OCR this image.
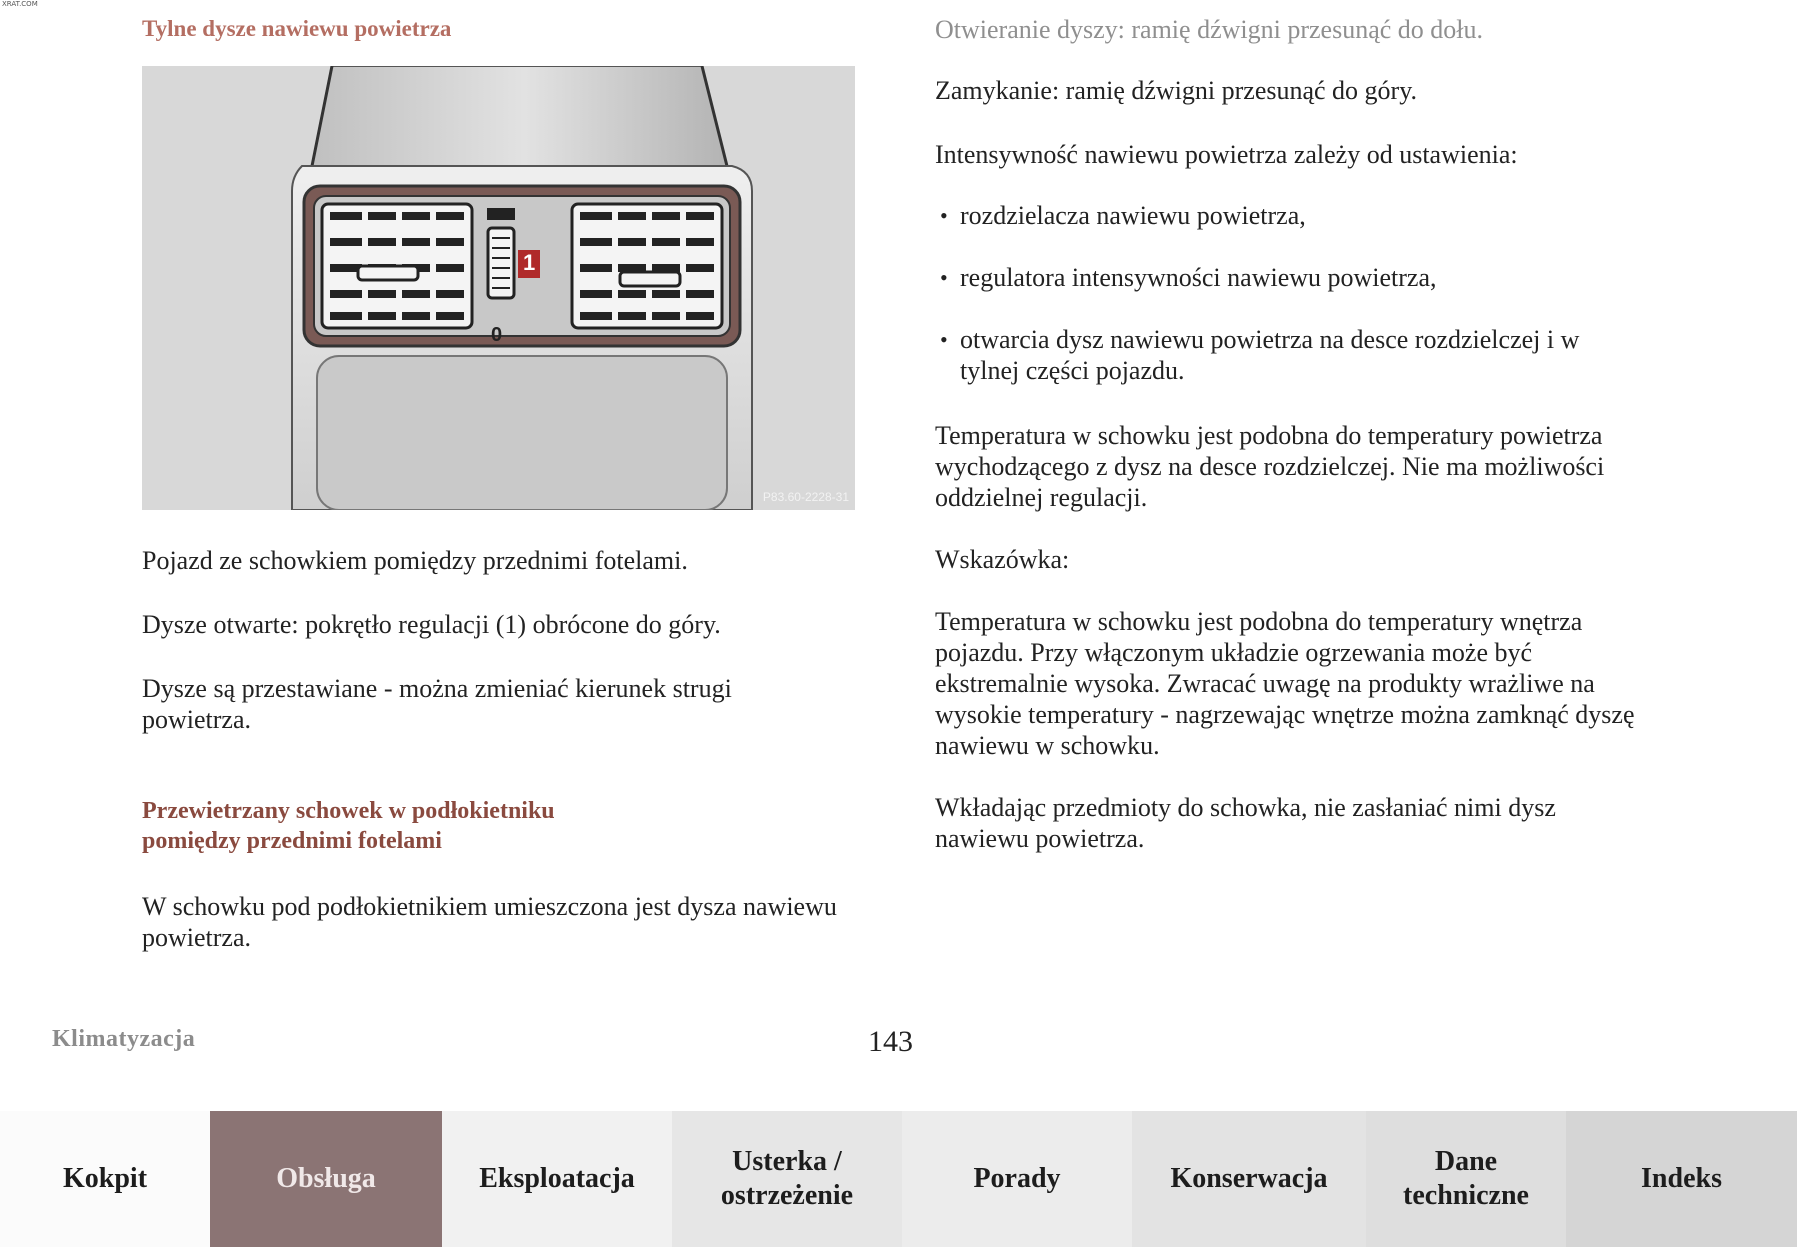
XRAT.COM
Tylne dysze nawiewu powietrza
1
0
P83.60-2228-31

Pojazd ze schowkiem pomiędzy przednimi fotelami.

Dysze otwarte: pokrętło regulacji (1) obrócone do góry.

Dysze są przestawiane - można zmieniać kierunek strugi powietrza.

Przewietrzany schowek w podłokietniku
pomiędzy przednimi fotelami

W schowku pod podłokietnikiem umieszczona jest dysza nawiewu powietrza.

Otwieranie dyszy: ramię dźwigni przesunąć do dołu.

Zamykanie: ramię dźwigni przesunąć do góry.

Intensywność nawiewu powietrza zależy od ustawienia:

• rozdzielacza nawiewu powietrza,
• regulatora intensywności nawiewu powietrza,
• otwarcia dysz nawiewu powietrza na desce rozdzielczej i w tylnej części pojazdu.

Temperatura w schowku jest podobna do temperatury powietrza wychodzącego z dysz na desce rozdzielczej. Nie ma możliwości oddzielnej regulacji.

Wskazówka:

Temperatura w schowku jest podobna do temperatury wnętrza pojazdu. Przy włączonym układzie ogrzewania może być ekstremalnie wysoka. Zwracać uwagę na produkty wrażliwe na wysokie temperatury - nagrzewając wnętrze można zamknąć dyszę nawiewu w schowku.

Wkładając przedmioty do schowka, nie zasłaniać nimi dysz nawiewu powietrza.

Klimatyzacja	143
Kokpit	Obsługa	Eksploatacja
Usterka /
ostrzeżenie
Porady	Konserwacja
Dane
techniczne
Indeks
